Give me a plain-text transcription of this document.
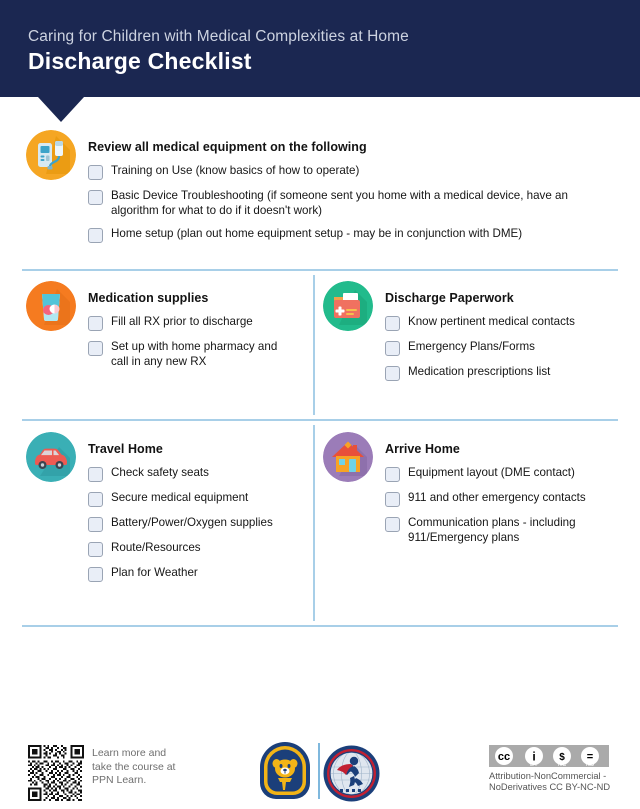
Caring for Children with Medical Complexities at Home
Discharge Checklist
Review all medical equipment on the following
Training on Use (know basics of how to operate)
Basic Device Troubleshooting (if someone sent you home with a medical device, have an algorithm for what to do if it doesn't work)
Home setup (plan out home equipment setup - may be in conjunction with DME)
Medication supplies
Fill all RX prior to discharge
Set up with home pharmacy and call in any new RX
Discharge Paperwork
Know pertinent medical contacts
Emergency Plans/Forms
Medication prescriptions list
Travel Home
Check safety seats
Secure medical equipment
Battery/Power/Oxygen supplies
Route/Resources
Plan for Weather
Arrive Home
Equipment layout (DME contact)
911 and other emergency contacts
Communication plans - including 911/Emergency plans
Learn more and take the course at PPN Learn.
cc i $ =
BY	NC	ND
Attribution-NonCommercial -NoDerivatives CC BY-NC-ND
